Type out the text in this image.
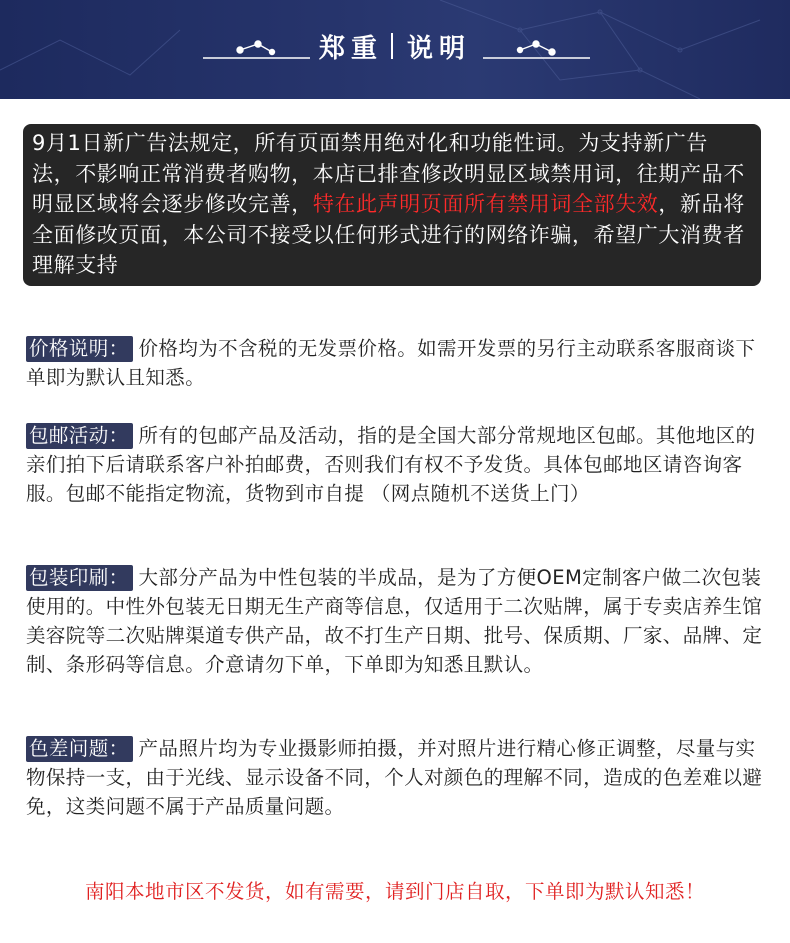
郑重 说明
9月1日新广告法规定，所有页面禁用绝对化和功能性词。为支持新广告法，不影响正常消费者购物，本店已排查修改明显区域禁用词，往期产品不明显区域将会逐步修改完善，特在此声明页面所有禁用词全部失效，新品将全面修改页面，本公司不接受以任何形式进行的网络诈骗，希望广大消费者理解支持
价格说明： 价格均为不含税的无发票价格。如需开发票的另行主动联系客服商谈下单即为默认且知悉。
包邮活动： 所有的包邮产品及活动，指的是全国大部分常规地区包邮。其他地区的亲们拍下后请联系客户补拍邮费，否则我们有权不予发货。具体包邮地区请咨询客服。包邮不能指定物流，货物到市自提 （网点随机不送货上门）
包装印刷： 大部分产品为中性包装的半成品，是为了方便OEM定制客户做二次包装使用的。中性外包装无日期无生产商等信息，仅适用于二次贴牌，属于专卖店养生馆美容院等二次贴牌渠道专供产品，故不打生产日期、批号、保质期、厂家、品牌、定制、条形码等信息。介意请勿下单，下单即为知悉且默认。
色差问题： 产品照片均为专业摄影师拍摄，并对照片进行精心修正调整，尽量与实物保持一支，由于光线、显示设备不同，个人对颜色的理解不同，造成的色差难以避免，这类问题不属于产品质量问题。
南阳本地市区不发货，如有需要，请到门店自取，下单即为默认知悉！
